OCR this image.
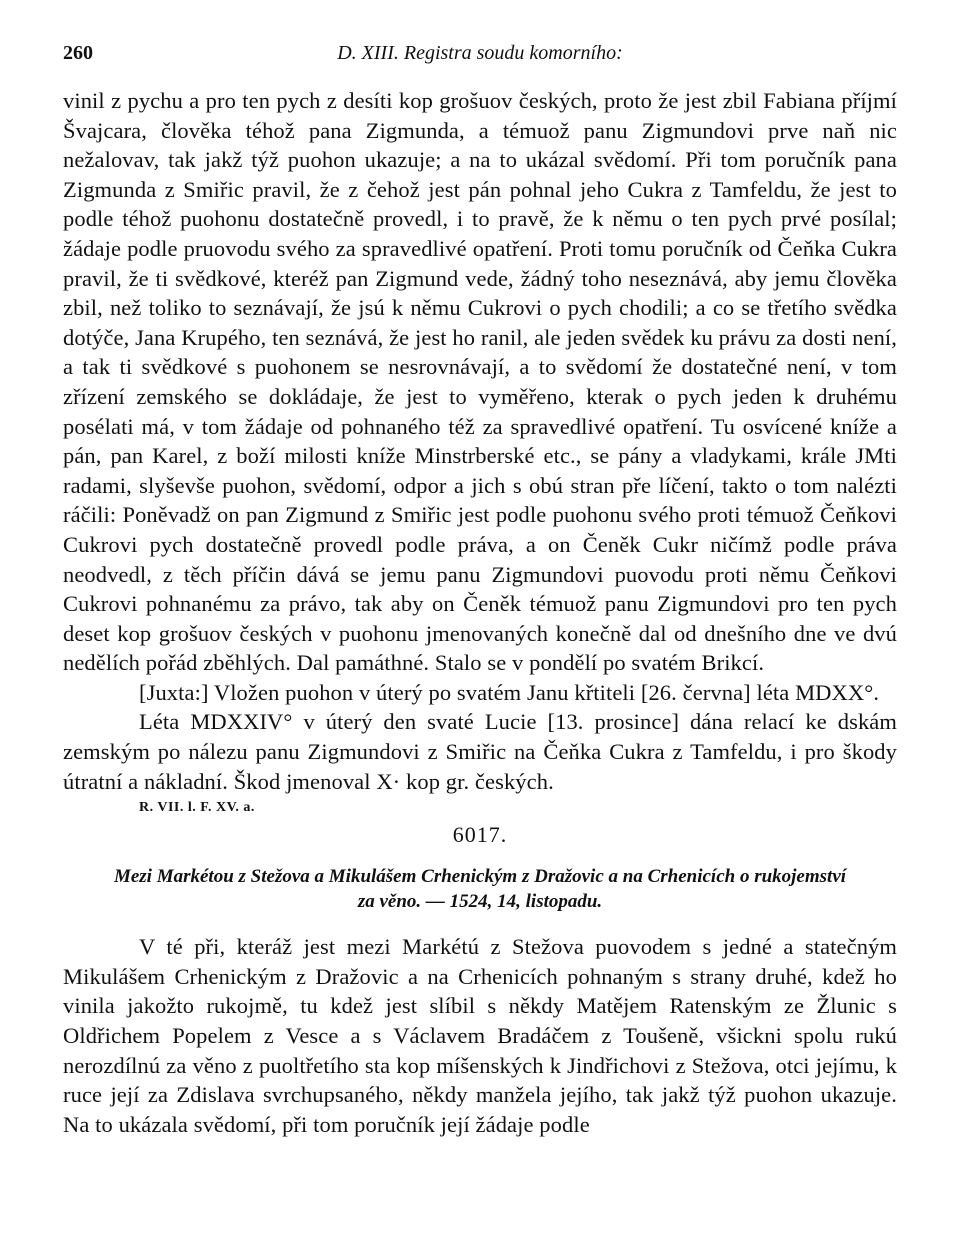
260	D. XIII. Registra soudu komorního:

vinil z pychu a pro ten pych z desíti kop grošuov českých, proto že jest zbil Fabiana příjmí Švajcara, člověka téhož pana Zigmunda, a témuož panu Zigmundovi prve naň nic nežalovav, tak jakž týž puohon ukazuje; a na to ukázal svědomí. Při tom poručník pana Zigmunda z Smiřic pravil, že z čehož jest pán pohnal jeho Cukra z Tamfeldu, že jest to podle téhož puohonu dostatečně provedl, i to pravě, že k němu o ten pych prvé posílal; žádaje podle pruovodu svého za spravedlivé opatření. Proti tomu poručník od Čeňka Cukra pravil, že ti svědkové, kteréž pan Zigmund vede, žádný toho neseznává, aby jemu člověka zbil, než toliko to seznávají, že jsú k němu Cukrovi o pych chodili; a co se třetího svědka dotýče, Jana Krupého, ten seznává, že jest ho ranil, ale jeden svědek ku právu za dosti není, a tak ti svědkové s puohonem se nesrovnávají, a to svědomí že dostatečné není, v tom zřízení zemského se dokládaje, že jest to vyměřeno, kterak o pych jeden k druhému posélati má, v tom žádaje od pohnaného též za spravedlivé opatření. Tu osvícené kníže a pán, pan Karel, z boží milosti kníže Minstrberské etc., se pány a vladykami, krále JMti radami, slyševše puohon, svědomí, odpor a jich s obú stran pře líčení, takto o tom nalézti ráčili: Poněvadž on pan Zigmund z Smiřic jest podle puohonu svého proti témuož Čeňkovi Cukrovi pych dostatečně provedl podle práva, a on Čeněk Cukr ničímž podle práva neodvedl, z těch příčin dává se jemu panu Zigmundovi puovodu proti němu Čeňkovi Cukrovi pohnanému za právo, tak aby on Čeněk témuož panu Zigmundovi pro ten pych deset kop grošuov českých v puohonu jmenovaných konečně dal od dnešního dne ve dvú nedělích pořád zběhlých. Dal památhné. Stalo se v pondělí po svatém Brikcí.

[Juxta:] Vložen puohon v úterý po svatém Janu křtiteli [26. června] léta MDXX°.

Léta MDXXIV° v úterý den svaté Lucie [13. prosince] dána relací ke dskám zemským po nálezu panu Zigmundovi z Smiřic na Čeňka Cukra z Tamfeldu, i pro škody útratní a nákladní. Škod jmenoval X· kop gr. českých.

R. VII. l. F. XV. a.
6017.
Mezi Markétou z Stežova a Mikulášem Crhenickým z Dražovic a na Crhenicích o rukojemství
za věno. — 1524, 14, listopadu.

V té při, kteráž jest mezi Markétú z Stežova puovodem s jedné a statečným Mikulášem Crhenickým z Dražovic a na Crhenicích pohnaným s strany druhé, kdež ho vinila jakožto rukojmě, tu kdež jest slíbil s někdy Matějem Ratenským ze Žlunic s Oldřichem Popelem z Vesce a s Václavem Bradáčem z Toušeně, všickni spolu rukú nerozdílnú za věno z puoltřetího sta kop míšenských k Jindřichovi z Stežova, otci jejímu, k ruce její za Zdislava svrchupsaného, někdy manžela jejího, tak jakž týž puohon ukazuje. Na to ukázala svědomí, při tom poručník její žádaje podle
